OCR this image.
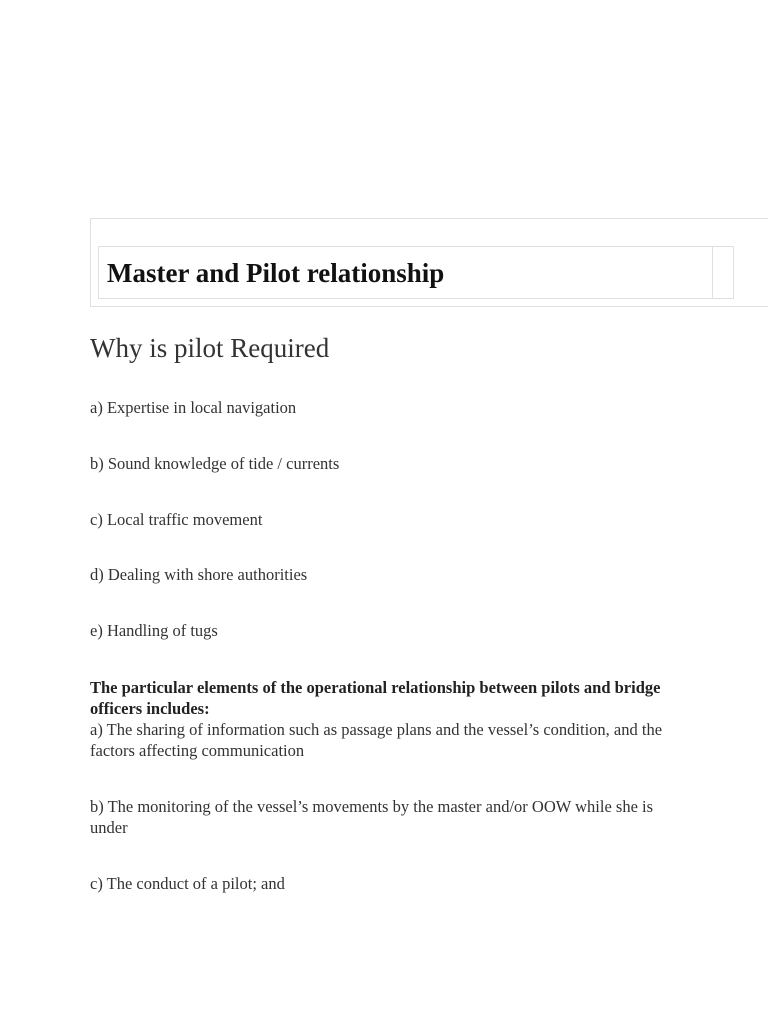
Master and Pilot relationship
Why is pilot Required

a) Expertise in local navigation

b) Sound knowledge of tide / currents

c) Local traffic movement

d) Dealing with shore authorities

e) Handling of tugs

The particular elements of the operational relationship between pilots and bridge officers includes:
a) The sharing of information such as passage plans and the vessel’s condition, and the factors affecting communication

b) The monitoring of the vessel’s movements by the master and/or OOW while she is under

c) The conduct of a pilot; and
